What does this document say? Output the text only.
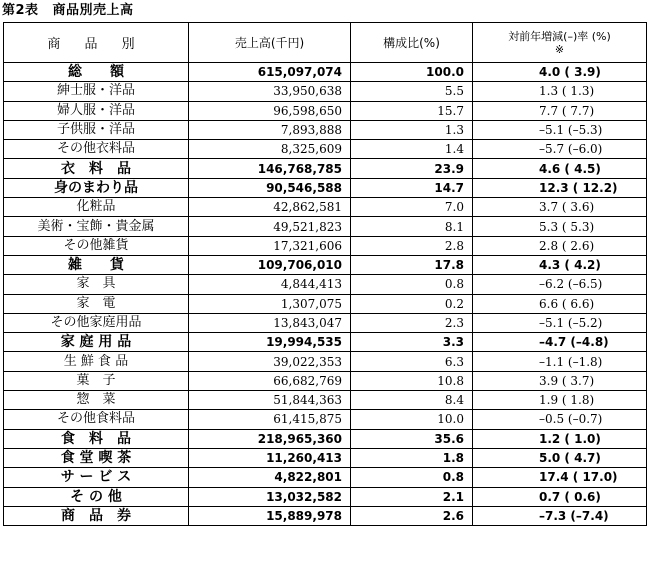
第2表 商品別売上高
商 品 別	売上高(千円)	構成比(%)	対前年増減(–)率 (%)
※

総　　額	615,097,074	100.0	4.0 ( 3.9)
紳士服・洋品	33,950,638	5.5	1.3 ( 1.3)
婦人服・洋品	96,598,650	15.7	7.7 ( 7.7)
子供服・洋品	7,893,888	1.3	–5.1 (–5.3)
その他衣料品	8,325,609	1.4	–5.7 (–6.0)
衣　料　品	146,768,785	23.9	4.6 ( 4.5)
身のまわり品	90,546,588	14.7	12.3 ( 12.2)
化粧品	42,862,581	7.0	3.7 ( 3.6)
美術・宝飾・貴金属	49,521,823	8.1	5.3 ( 5.3)
その他雑貨	17,321,606	2.8	2.8 ( 2.6)
雑　　貨	109,706,010	17.8	4.3 ( 4.2)
家　具	4,844,413	0.8	–6.2 (–6.5)
家　電	1,307,075	0.2	6.6 ( 6.6)
その他家庭用品	13,843,047	2.3	–5.1 (–5.2)
家 庭 用 品	19,994,535	3.3	–4.7 (–4.8)
生 鮮 食 品	39,022,353	6.3	–1.1 (–1.8)
菓　子	66,682,769	10.8	3.9 ( 3.7)
惣　菜	51,844,363	8.4	1.9 ( 1.8)
その他食料品	61,415,875	10.0	–0.5 (–0.7)
食　料　品	218,965,360	35.6	1.2 ( 1.0)
食 堂 喫 茶	11,260,413	1.8	5.0 ( 4.7)
サ ー ビ ス	4,822,801	0.8	17.4 ( 17.0)
そ の 他	13,032,582	2.1	0.7 ( 0.6)
商　品　券	15,889,978	2.6	–7.3 (–7.4)
